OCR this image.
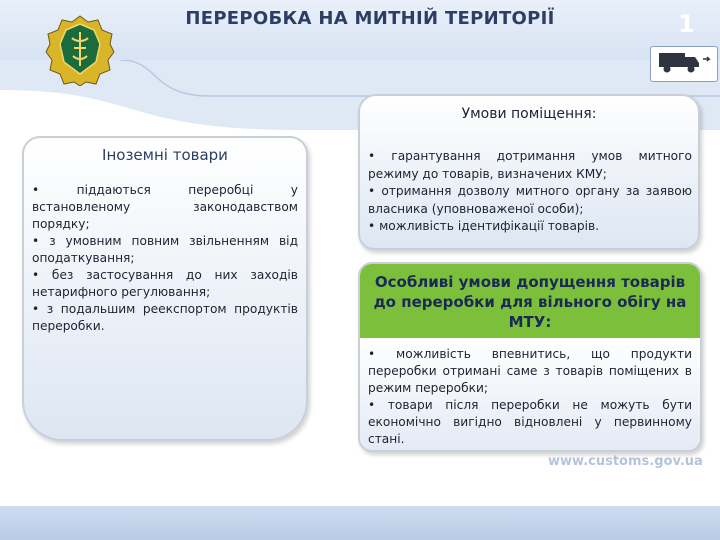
ПЕРЕРОБКА НА МИТНІЙ ТЕРИТОРІЇ	1
Іноземні товари
• піддаються переробці у встановленому законодавством порядку;
• з умовним повним звільненням від оподаткування;
• без застосування до них заходів нетарифного регулювання;
• з подальшим реекспортом продуктів переробки.
Умови поміщення:
• гарантування дотримання умов митного режиму до товарів, визначених КМУ;
• отримання дозволу митного органу за заявою власника (уповноваженої особи);
• можливість ідентифікації товарів.
www.customs.gov.ua
Особливі умови допущення товарів до переробки для вільного обігу на МТУ:
• можливість впевнитись, що продукти переробки отримані саме з товарів поміщених в режим переробки;
• товари після переробки не можуть бути економічно вигідно відновлені у первинному стані.
